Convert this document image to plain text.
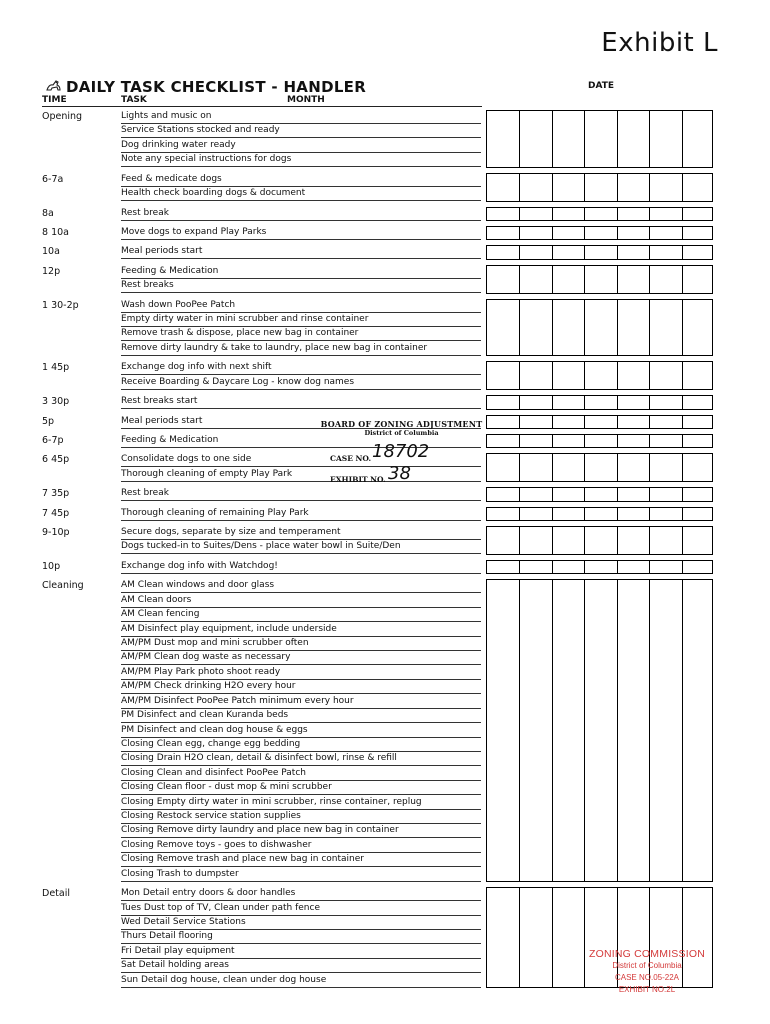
Exhibit L
DAILY TASK CHECKLIST - HANDLER
TIME	TASK	MONTH
DATE
Opening	Lights and music on
Service Stations stocked and ready
Dog drinking water ready
Note any special instructions for dogs
6-7a	Feed & medicate dogs
Health check boarding dogs & document
8a	Rest break
8 10a	Move dogs to expand Play Parks
10a	Meal periods start
12p	Feeding & Medication
Rest breaks
1 30-2p	Wash down PooPee Patch
Empty dirty water in mini scrubber and rinse container
Remove trash & dispose, place new bag in container
Remove dirty laundry & take to laundry, place new bag in container
1 45p	Exchange dog info with next shift
Receive Boarding & Daycare Log - know dog names
3 30p	Rest breaks start
5p	Meal periods start
6-7p	Feeding & Medication
6 45p	Consolidate dogs to one side
Thorough cleaning of empty Play Park
7 35p	Rest break
7 45p	Thorough cleaning of remaining Play Park
9-10p	Secure dogs, separate by size and temperament
Dogs tucked-in to Suites/Dens - place water bowl in Suite/Den
10p	Exchange dog info with Watchdog!
Cleaning	AM Clean windows and door glass
AM Clean doors
AM Clean fencing
AM Disinfect play equipment, include underside
AM/PM Dust mop and mini scrubber often
AM/PM Clean dog waste as necessary
AM/PM Play Park photo shoot ready
AM/PM Check drinking H2O every hour
AM/PM Disinfect PooPee Patch minimum every hour
PM Disinfect and clean Kuranda beds
PM Disinfect and clean dog house & eggs
Closing Clean egg, change egg bedding
Closing Drain H2O clean, detail & disinfect bowl, rinse & refill
Closing Clean and disinfect PooPee Patch
Closing Clean floor - dust mop & mini scrubber
Closing Empty dirty water in mini scrubber, rinse container, replug
Closing Restock service station supplies
Closing Remove dirty laundry and place new bag in container
Closing Remove toys - goes to dishwasher
Closing Remove trash and place new bag in container
Closing Trash to dumpster
Detail	Mon Detail entry doors & door handles
Tues Dust top of TV, Clean under path fence
Wed Detail Service Stations
Thurs Detail flooring
Fri Detail play equipment
Sat Detail holding areas
Sun Detail dog house, clean under dog house
BOARD OF ZONING ADJUSTMENT
District of Columbia
CASE NO. 18702
EXHIBIT NO. 38
ZONING COMMISSION
District of Columbia
CASE NO.05-22A
EXHIBIT NO.2L
